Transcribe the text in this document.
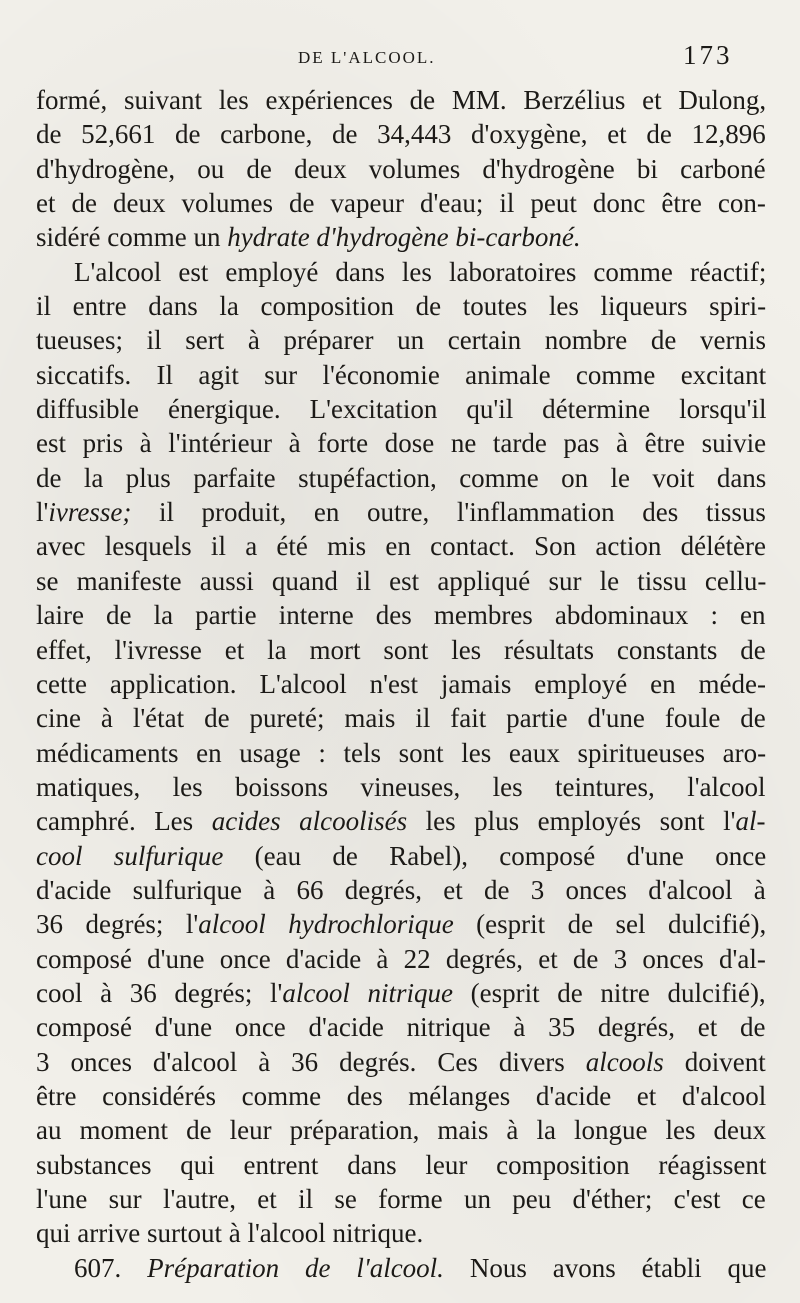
DE L'ALCOOL.	173
formé, suivant les expériences de MM. Berzélius et Dulong,
de 52,661 de carbone, de 34,443 d'oxygène, et de 12,896
d'hydrogène, ou de deux volumes d'hydrogène bi carboné
et de deux volumes de vapeur d'eau; il peut donc être con-
sidéré comme un hydrate d'hydrogène bi-carboné.
L'alcool est employé dans les laboratoires comme réactif;
il entre dans la composition de toutes les liqueurs spiri-
tueuses; il sert à préparer un certain nombre de vernis
siccatifs. Il agit sur l'économie animale comme excitant
diffusible énergique. L'excitation qu'il détermine lorsqu'il
est pris à l'intérieur à forte dose ne tarde pas à être suivie
de la plus parfaite stupéfaction, comme on le voit dans
l'ivresse; il produit, en outre, l'inflammation des tissus
avec lesquels il a été mis en contact. Son action délétère
se manifeste aussi quand il est appliqué sur le tissu cellu-
laire de la partie interne des membres abdominaux : en
effet, l'ivresse et la mort sont les résultats constants de
cette application. L'alcool n'est jamais employé en méde-
cine à l'état de pureté; mais il fait partie d'une foule de
médicaments en usage : tels sont les eaux spiritueuses aro-
matiques, les boissons vineuses, les teintures, l'alcool
camphré. Les acides alcoolisés les plus employés sont l'al-
cool sulfurique (eau de Rabel), composé d'une once
d'acide sulfurique à 66 degrés, et de 3 onces d'alcool à
36 degrés; l'alcool hydrochlorique (esprit de sel dulcifié),
composé d'une once d'acide à 22 degrés, et de 3 onces d'al-
cool à 36 degrés; l'alcool nitrique (esprit de nitre dulcifié),
composé d'une once d'acide nitrique à 35 degrés, et de
3 onces d'alcool à 36 degrés. Ces divers alcools doivent
être considérés comme des mélanges d'acide et d'alcool
au moment de leur préparation, mais à la longue les deux
substances qui entrent dans leur composition réagissent
l'une sur l'autre, et il se forme un peu d'éther; c'est ce
qui arrive surtout à l'alcool nitrique.
607. Préparation de l'alcool. Nous avons établi que
